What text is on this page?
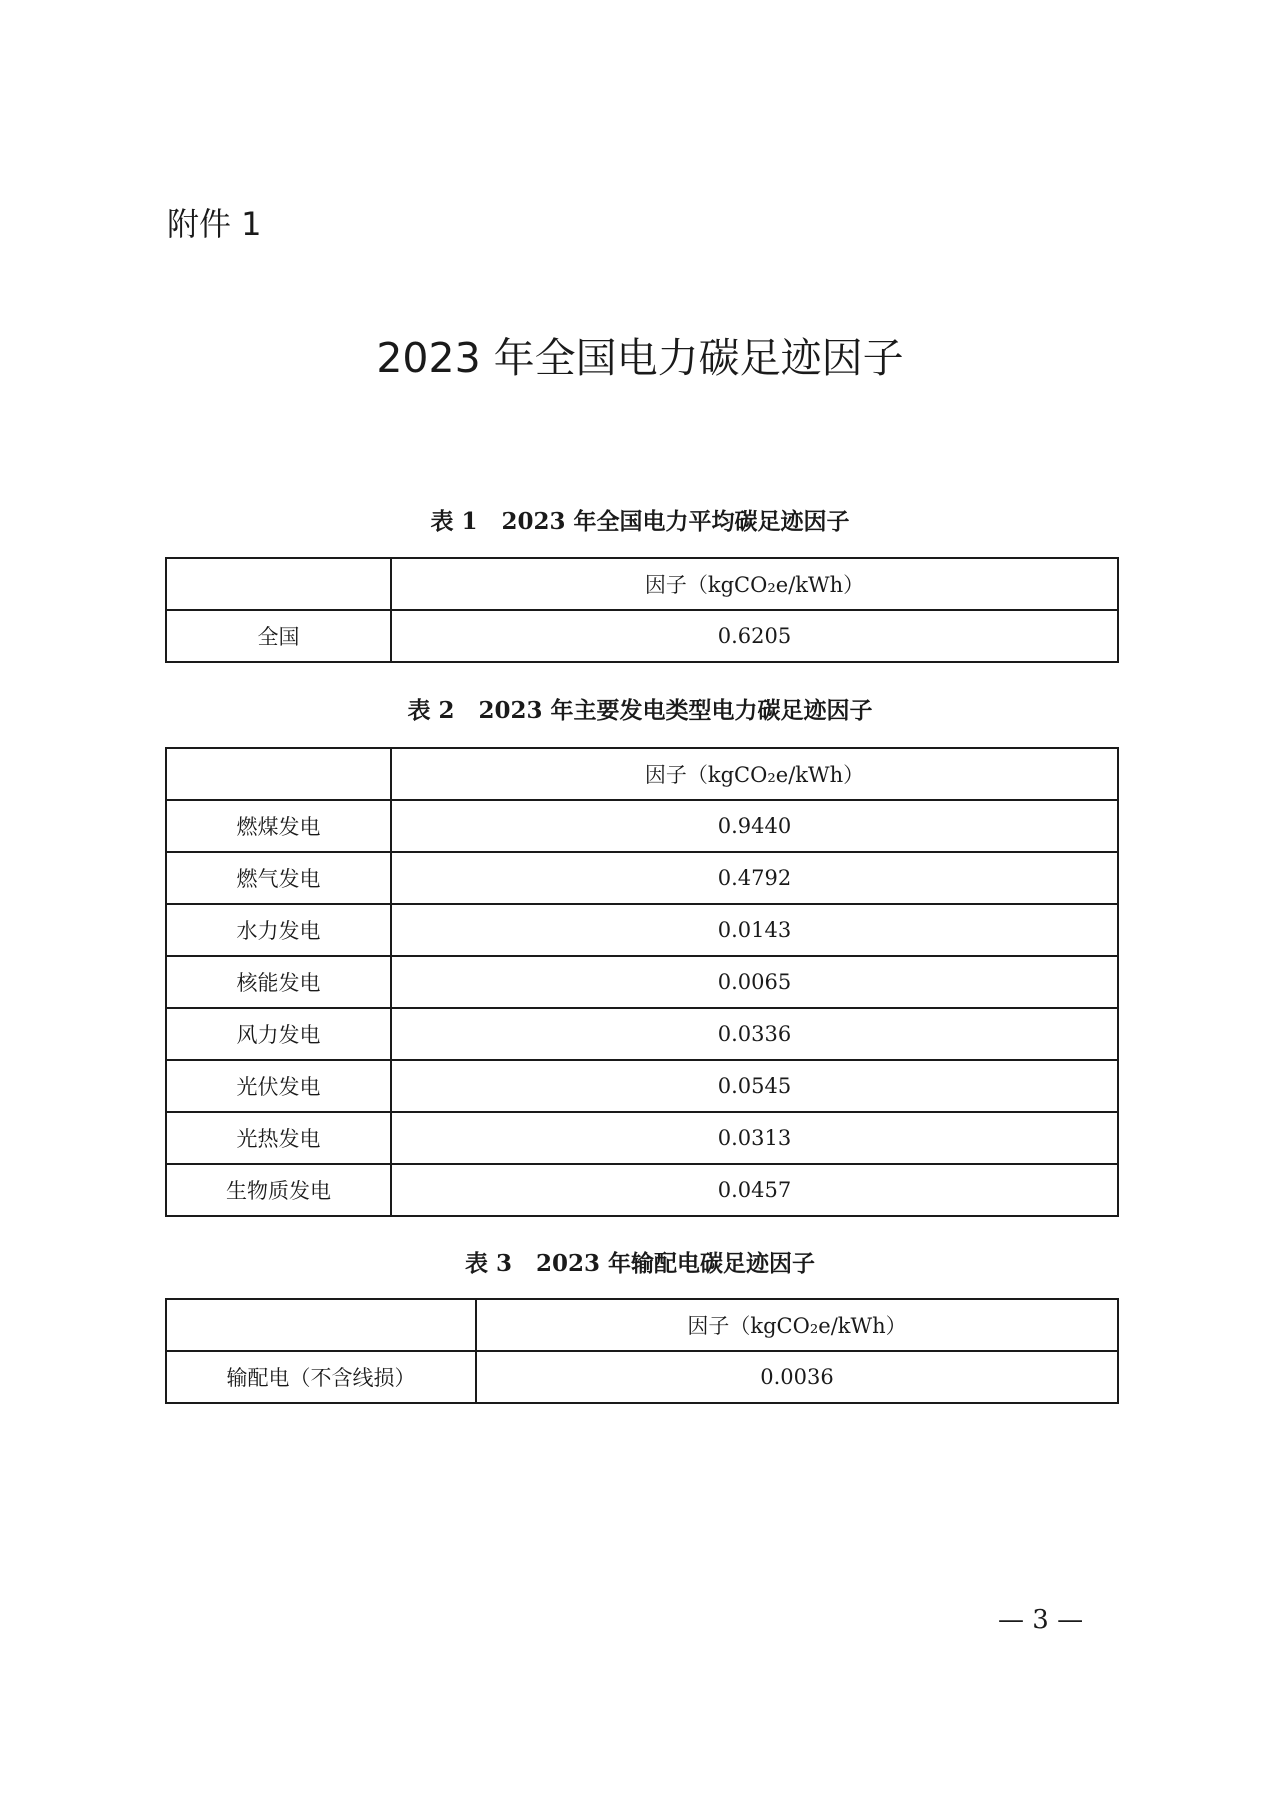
附件 1
2023 年全国电力碳足迹因子
表 1   2023 年全国电力平均碳足迹因子
	因子（kgCO₂e/kWh）
全国	0.6205
表 2   2023 年主要发电类型电力碳足迹因子
	因子（kgCO₂e/kWh）
燃煤发电	0.9440
燃气发电	0.4792
水力发电	0.0143
核能发电	0.0065
风力发电	0.0336
光伏发电	0.0545
光热发电	0.0313
生物质发电	0.0457
表 3   2023 年输配电碳足迹因子
	因子（kgCO₂e/kWh）
输配电（不含线损）	0.0036
— 3 —
